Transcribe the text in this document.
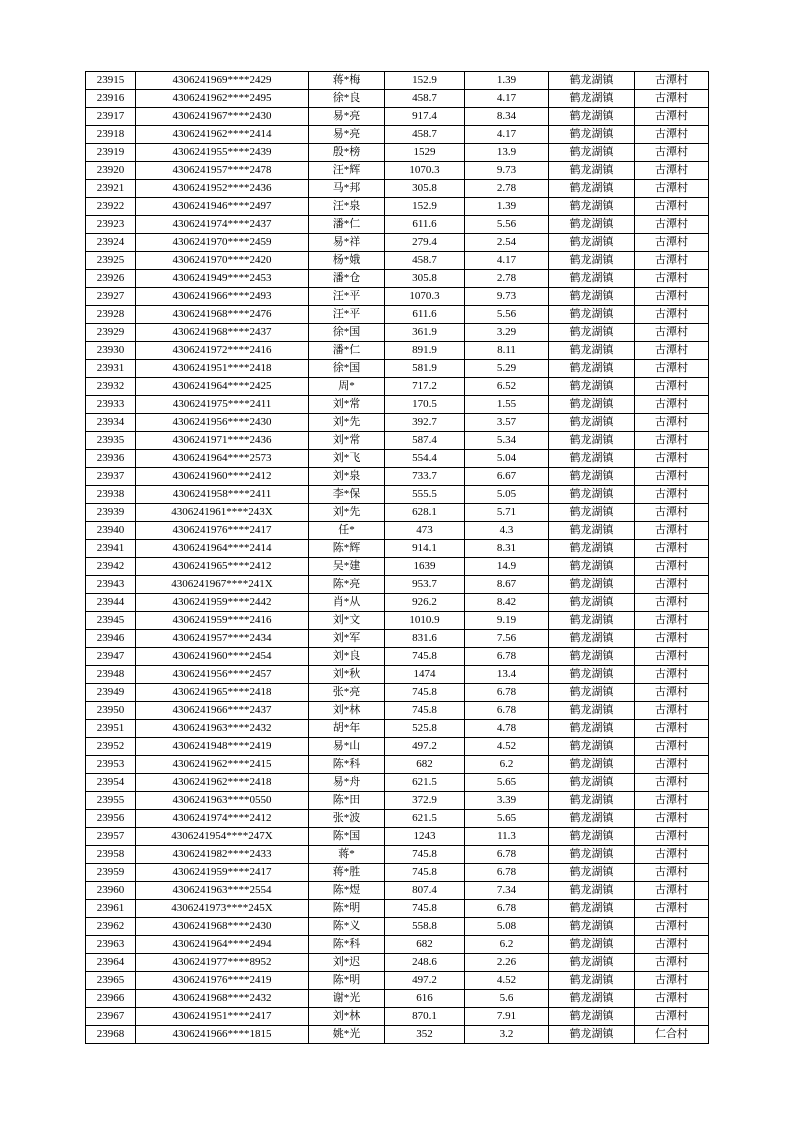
23915	4306241969****2429	蒋*梅	152.9	1.39	鹤龙湖镇	古潭村
23916	4306241962****2495	徐*良	458.7	4.17	鹤龙湖镇	古潭村
23917	4306241967****2430	易*亮	917.4	8.34	鹤龙湖镇	古潭村
23918	4306241962****2414	易*亮	458.7	4.17	鹤龙湖镇	古潭村
23919	4306241955****2439	殷*榜	1529	13.9	鹤龙湖镇	古潭村
23920	4306241957****2478	汪*辉	1070.3	9.73	鹤龙湖镇	古潭村
23921	4306241952****2436	马*邦	305.8	2.78	鹤龙湖镇	古潭村
23922	4306241946****2497	汪*泉	152.9	1.39	鹤龙湖镇	古潭村
23923	4306241974****2437	潘*仁	611.6	5.56	鹤龙湖镇	古潭村
23924	4306241970****2459	易*祥	279.4	2.54	鹤龙湖镇	古潭村
23925	4306241970****2420	杨*娥	458.7	4.17	鹤龙湖镇	古潭村
23926	4306241949****2453	潘*仓	305.8	2.78	鹤龙湖镇	古潭村
23927	4306241966****2493	汪*平	1070.3	9.73	鹤龙湖镇	古潭村
23928	4306241968****2476	汪*平	611.6	5.56	鹤龙湖镇	古潭村
23929	4306241968****2437	徐*国	361.9	3.29	鹤龙湖镇	古潭村
23930	4306241972****2416	潘*仁	891.9	8.11	鹤龙湖镇	古潭村
23931	4306241951****2418	徐*国	581.9	5.29	鹤龙湖镇	古潭村
23932	4306241964****2425	周*	717.2	6.52	鹤龙湖镇	古潭村
23933	4306241975****2411	刘*常	170.5	1.55	鹤龙湖镇	古潭村
23934	4306241956****2430	刘*先	392.7	3.57	鹤龙湖镇	古潭村
23935	4306241971****2436	刘*常	587.4	5.34	鹤龙湖镇	古潭村
23936	4306241964****2573	刘*飞	554.4	5.04	鹤龙湖镇	古潭村
23937	4306241960****2412	刘*泉	733.7	6.67	鹤龙湖镇	古潭村
23938	4306241958****2411	李*保	555.5	5.05	鹤龙湖镇	古潭村
23939	4306241961****243X	刘*先	628.1	5.71	鹤龙湖镇	古潭村
23940	4306241976****2417	任*	473	4.3	鹤龙湖镇	古潭村
23941	4306241964****2414	陈*辉	914.1	8.31	鹤龙湖镇	古潭村
23942	4306241965****2412	吴*建	1639	14.9	鹤龙湖镇	古潭村
23943	4306241967****241X	陈*亮	953.7	8.67	鹤龙湖镇	古潭村
23944	4306241959****2442	肖*从	926.2	8.42	鹤龙湖镇	古潭村
23945	4306241959****2416	刘*文	1010.9	9.19	鹤龙湖镇	古潭村
23946	4306241957****2434	刘*军	831.6	7.56	鹤龙湖镇	古潭村
23947	4306241960****2454	刘*良	745.8	6.78	鹤龙湖镇	古潭村
23948	4306241956****2457	刘*秋	1474	13.4	鹤龙湖镇	古潭村
23949	4306241965****2418	张*亮	745.8	6.78	鹤龙湖镇	古潭村
23950	4306241966****2437	刘*林	745.8	6.78	鹤龙湖镇	古潭村
23951	4306241963****2432	胡*年	525.8	4.78	鹤龙湖镇	古潭村
23952	4306241948****2419	易*山	497.2	4.52	鹤龙湖镇	古潭村
23953	4306241962****2415	陈*科	682	6.2	鹤龙湖镇	古潭村
23954	4306241962****2418	易*舟	621.5	5.65	鹤龙湖镇	古潭村
23955	4306241963****0550	陈*田	372.9	3.39	鹤龙湖镇	古潭村
23956	4306241974****2412	张*波	621.5	5.65	鹤龙湖镇	古潭村
23957	4306241954****247X	陈*国	1243	11.3	鹤龙湖镇	古潭村
23958	4306241982****2433	蒋*	745.8	6.78	鹤龙湖镇	古潭村
23959	4306241959****2417	蒋*胜	745.8	6.78	鹤龙湖镇	古潭村
23960	4306241963****2554	陈*煜	807.4	7.34	鹤龙湖镇	古潭村
23961	4306241973****245X	陈*明	745.8	6.78	鹤龙湖镇	古潭村
23962	4306241968****2430	陈*义	558.8	5.08	鹤龙湖镇	古潭村
23963	4306241964****2494	陈*科	682	6.2	鹤龙湖镇	古潭村
23964	4306241977****8952	刘*迟	248.6	2.26	鹤龙湖镇	古潭村
23965	4306241976****2419	陈*明	497.2	4.52	鹤龙湖镇	古潭村
23966	4306241968****2432	谢*光	616	5.6	鹤龙湖镇	古潭村
23967	4306241951****2417	刘*林	870.1	7.91	鹤龙湖镇	古潭村
23968	4306241966****1815	姚*光	352	3.2	鹤龙湖镇	仁合村
